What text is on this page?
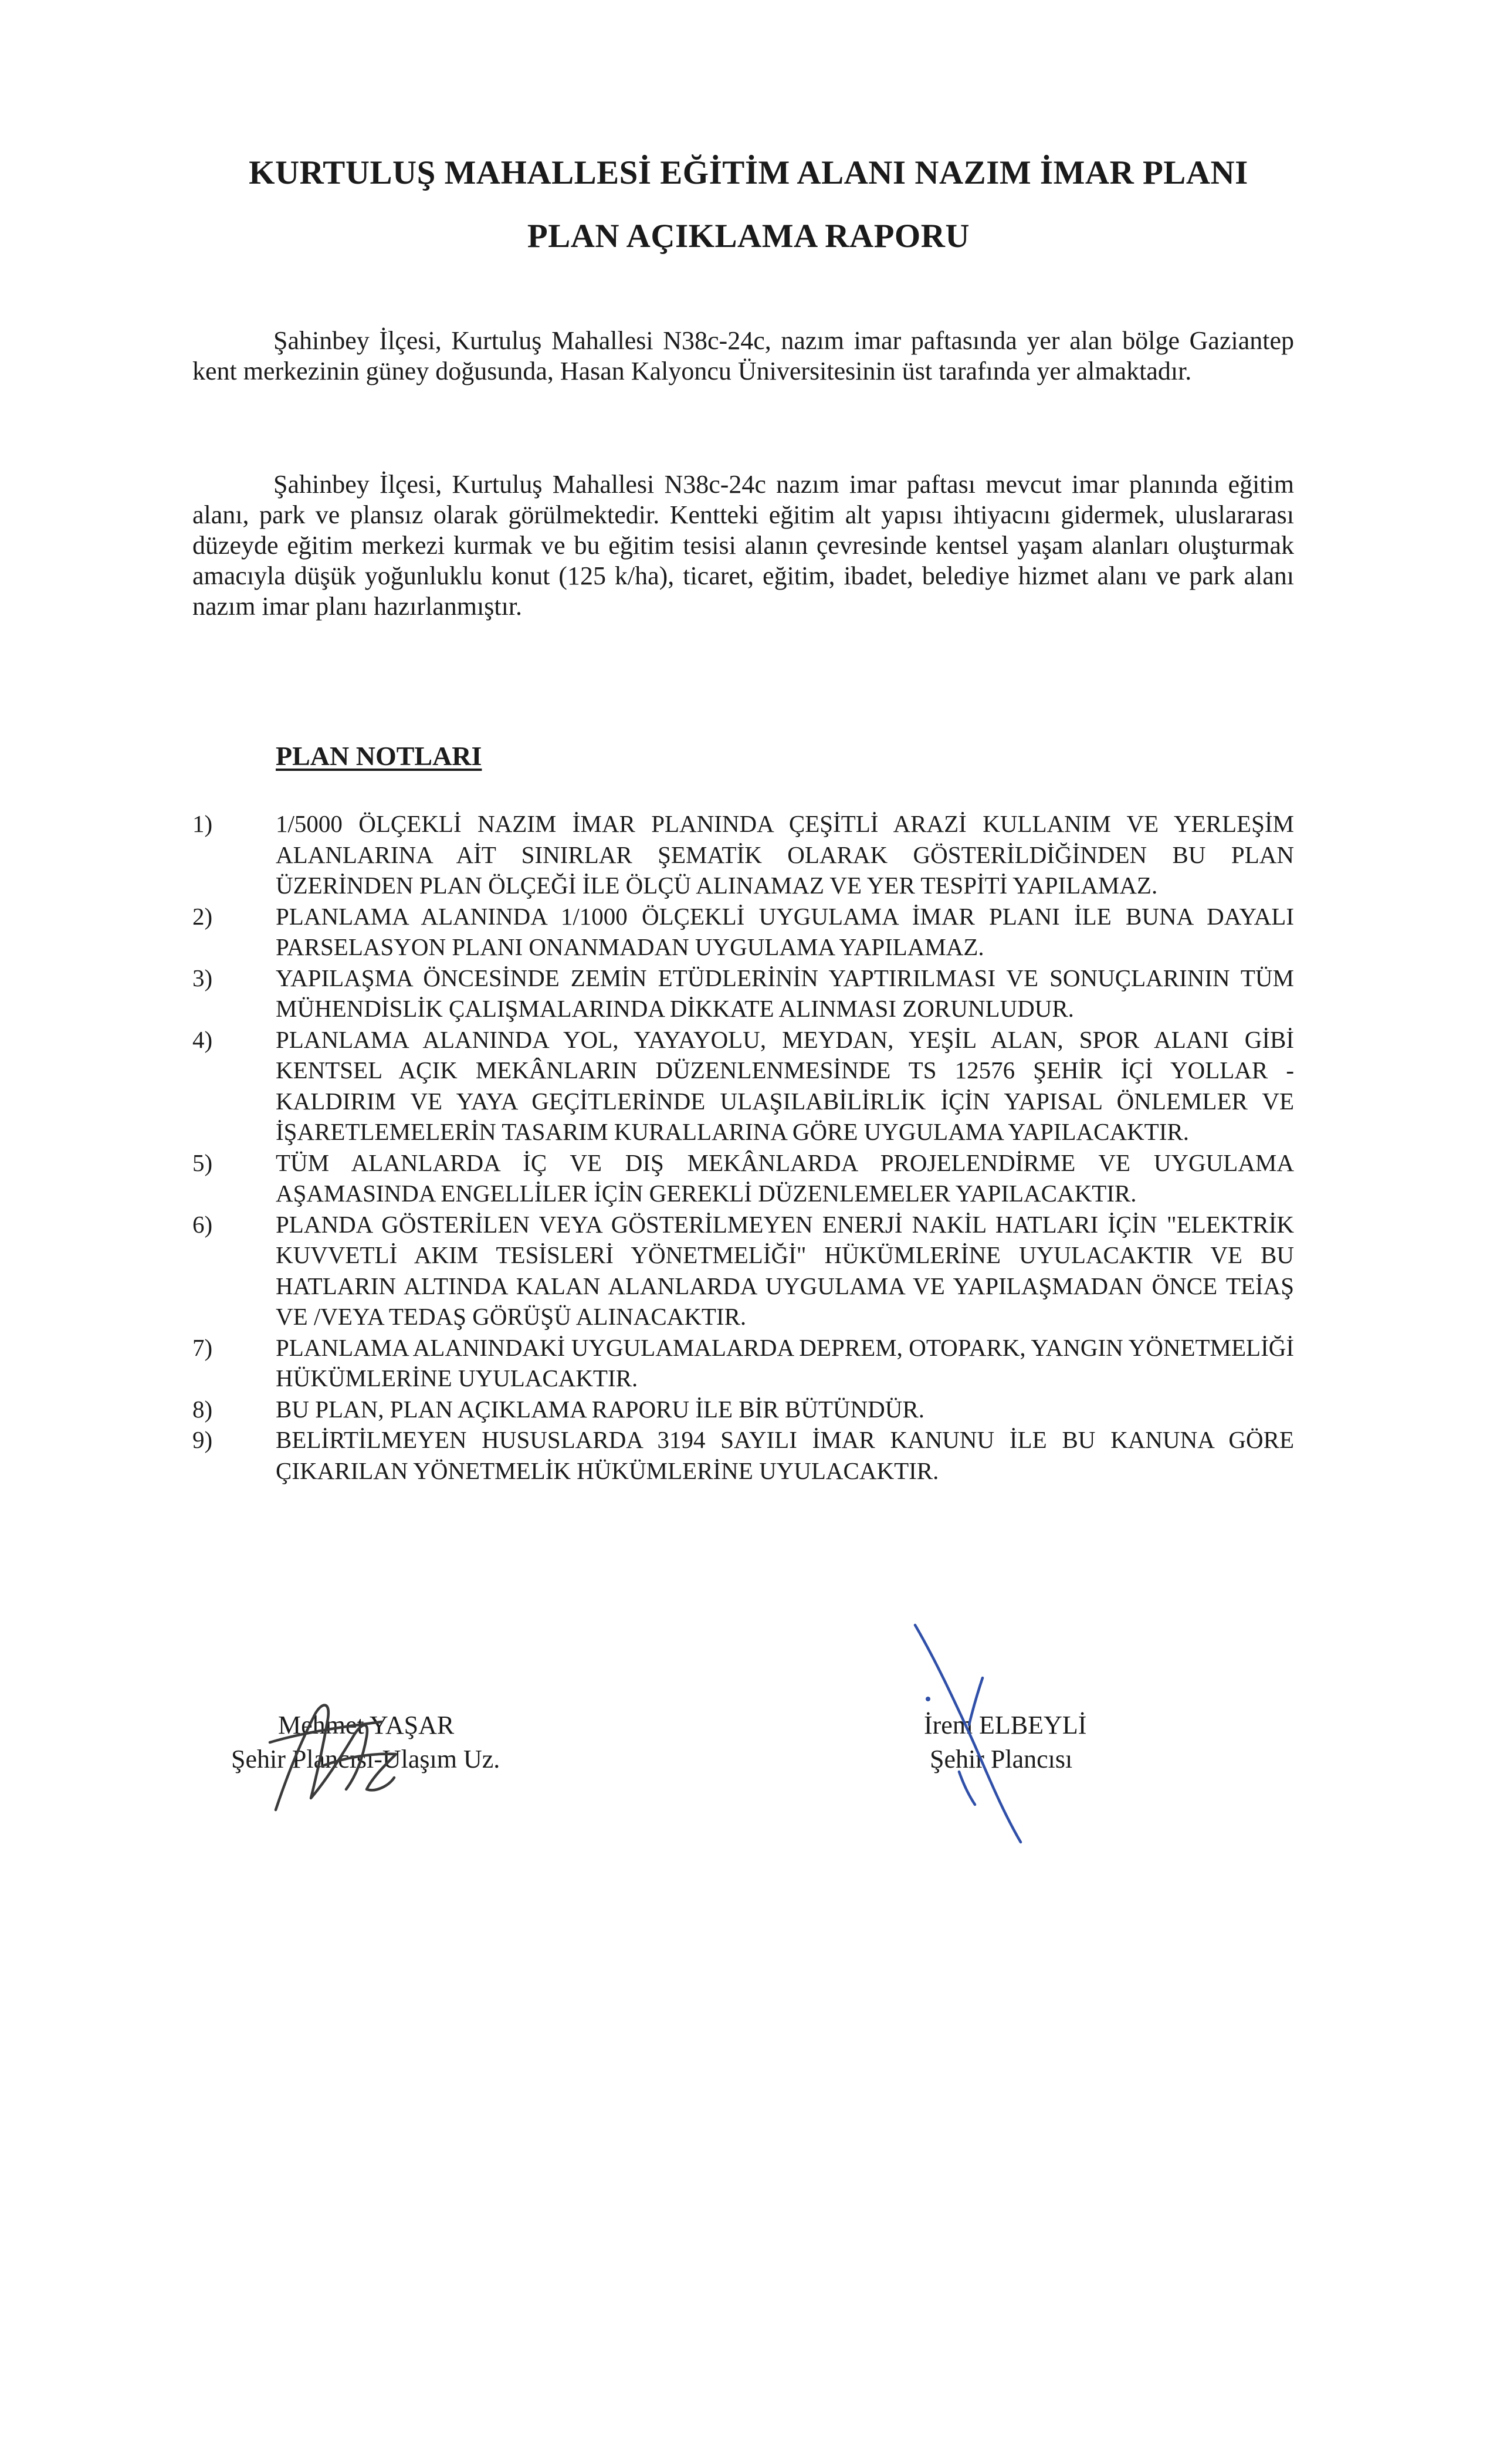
KURTULUŞ MAHALLESİ EĞİTİM ALANI NAZIM İMAR PLANI
PLAN AÇIKLAMA RAPORU

Şahinbey İlçesi, Kurtuluş Mahallesi N38c-24c, nazım imar paftasında yer alan bölge Gaziantep kent merkezinin güney doğusunda, Hasan Kalyoncu Üniversitesinin üst tarafında yer almaktadır.

Şahinbey İlçesi, Kurtuluş Mahallesi N38c-24c nazım imar paftası mevcut imar planında eğitim alanı, park ve plansız olarak görülmektedir. Kentteki eğitim alt yapısı ihtiyacını gidermek, uluslararası düzeyde eğitim merkezi kurmak ve bu eğitim tesisi alanın çevresinde kentsel yaşam alanları oluşturmak amacıyla düşük yoğunluklu konut (125 k/ha), ticaret, eğitim, ibadet, belediye hizmet alanı ve park alanı nazım imar planı hazırlanmıştır.

PLAN NOTLARI
1)	1/5000 ÖLÇEKLİ NAZIM İMAR PLANINDA ÇEŞİTLİ ARAZİ KULLANIM VE YERLEŞİM ALANLARINA AİT SINIRLAR ŞEMATİK OLARAK GÖSTERİLDİĞİNDEN BU PLAN ÜZERİNDEN PLAN ÖLÇEĞİ İLE ÖLÇÜ ALINAMAZ VE YER TESPİTİ YAPILAMAZ.
2)	PLANLAMA ALANINDA 1/1000 ÖLÇEKLİ UYGULAMA İMAR PLANI İLE BUNA DAYALI PARSELASYON PLANI ONANMADAN UYGULAMA YAPILAMAZ.
3)	YAPILAŞMA ÖNCESİNDE ZEMİN ETÜDLERİNİN YAPTIRILMASI VE SONUÇLARININ TÜM MÜHENDİSLİK ÇALIŞMALARINDA DİKKATE ALINMASI ZORUNLUDUR.
4)	PLANLAMA ALANINDA YOL, YAYAYOLU, MEYDAN, YEŞİL ALAN, SPOR ALANI GİBİ KENTSEL AÇIK MEKÂNLARIN DÜZENLENMESİNDE TS 12576 ŞEHİR İÇİ YOLLAR - KALDIRIM VE YAYA GEÇİTLERİNDE ULAŞILABİLİRLİK İÇİN YAPISAL ÖNLEMLER VE İŞARETLEMELERİN TASARIM KURALLARINA GÖRE UYGULAMA YAPILACAKTIR.
5)	TÜM ALANLARDA İÇ VE DIŞ MEKÂNLARDA PROJELENDİRME VE UYGULAMA AŞAMASINDA ENGELLİLER İÇİN GEREKLİ DÜZENLEMELER YAPILACAKTIR.
6)	PLANDA GÖSTERİLEN VEYA GÖSTERİLMEYEN ENERJİ NAKİL HATLARI İÇİN "ELEKTRİK KUVVETLİ AKIM TESİSLERİ YÖNETMELİĞİ" HÜKÜMLERİNE UYULACAKTIR VE BU HATLARIN ALTINDA KALAN ALANLARDA UYGULAMA VE YAPILAŞMADAN ÖNCE TEİAŞ VE /VEYA TEDAŞ GÖRÜŞÜ ALINACAKTIR.
7)	PLANLAMA ALANINDAKİ UYGULAMALARDA DEPREM, OTOPARK, YANGIN YÖNETMELİĞİ HÜKÜMLERİNE UYULACAKTIR.
8)	BU PLAN, PLAN AÇIKLAMA RAPORU İLE BİR BÜTÜNDÜR.
9)	BELİRTİLMEYEN HUSUSLARDA 3194 SAYILI İMAR KANUNU İLE BU KANUNA GÖRE ÇIKARILAN YÖNETMELİK HÜKÜMLERİNE UYULACAKTIR.
Mehmet YAŞAR
Şehir Plancısı-Ulaşım Uz.
İrem ELBEYLİ
Şehir Plancısı
